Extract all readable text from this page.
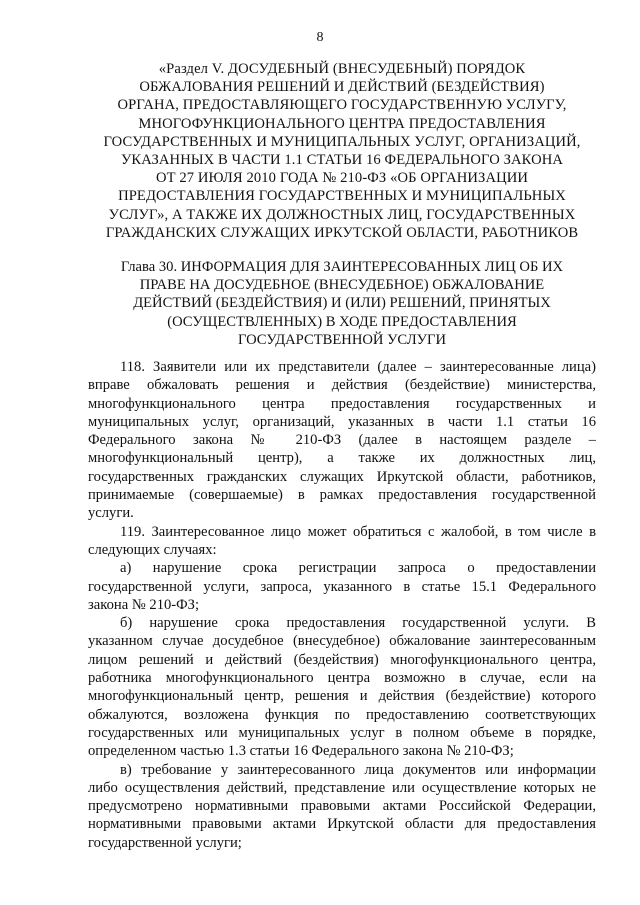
8
«Раздел V. ДОСУДЕБНЫЙ (ВНЕСУДЕБНЫЙ) ПОРЯДОК
ОБЖАЛОВАНИЯ РЕШЕНИЙ И ДЕЙСТВИЙ (БЕЗДЕЙСТВИЯ)
ОРГАНА, ПРЕДОСТАВЛЯЮЩЕГО ГОСУДАРСТВЕННУЮ УСЛУГУ,
МНОГОФУНКЦИОНАЛЬНОГО ЦЕНТРА ПРЕДОСТАВЛЕНИЯ
ГОСУДАРСТВЕННЫХ И МУНИЦИПАЛЬНЫХ УСЛУГ, ОРГАНИЗАЦИЙ,
УКАЗАННЫХ В ЧАСТИ 1.1 СТАТЬИ 16 ФЕДЕРАЛЬНОГО ЗАКОНА
ОТ 27 ИЮЛЯ 2010 ГОДА № 210-ФЗ «ОБ ОРГАНИЗАЦИИ
ПРЕДОСТАВЛЕНИЯ ГОСУДАРСТВЕННЫХ И МУНИЦИПАЛЬНЫХ
УСЛУГ», А ТАКЖЕ ИХ ДОЛЖНОСТНЫХ ЛИЦ, ГОСУДАРСТВЕННЫХ
ГРАЖДАНСКИХ СЛУЖАЩИХ ИРКУТСКОЙ ОБЛАСТИ, РАБОТНИКОВ
Глава 30. ИНФОРМАЦИЯ ДЛЯ ЗАИНТЕРЕСОВАННЫХ ЛИЦ ОБ ИХ
ПРАВЕ НА ДОСУДЕБНОЕ (ВНЕСУДЕБНОЕ) ОБЖАЛОВАНИЕ
ДЕЙСТВИЙ (БЕЗДЕЙСТВИЯ) И (ИЛИ) РЕШЕНИЙ, ПРИНЯТЫХ
(ОСУЩЕСТВЛЕННЫХ) В ХОДЕ ПРЕДОСТАВЛЕНИЯ
ГОСУДАРСТВЕННОЙ УСЛУГИ
118. Заявители или их представители (далее – заинтересованные лица)
вправе обжаловать решения и действия (бездействие) министерства,
многофункционального центра предоставления государственных и
муниципальных услуг, организаций, указанных в части 1.1 статьи 16
Федерального закона № 210-ФЗ (далее в настоящем разделе –
многофункциональный центр), а также их должностных лиц,
государственных гражданских служащих Иркутской области, работников,
принимаемые (совершаемые) в рамках предоставления государственной
услуги.
119. Заинтересованное лицо может обратиться с жалобой, в том числе в
следующих случаях:
а) нарушение срока регистрации запроса о предоставлении
государственной услуги, запроса, указанного в статье 15.1 Федерального
закона № 210-ФЗ;
б) нарушение срока предоставления государственной услуги. В
указанном случае досудебное (внесудебное) обжалование заинтересованным
лицом решений и действий (бездействия) многофункционального центра,
работника многофункционального центра возможно в случае, если на
многофункциональный центр, решения и действия (бездействие) которого
обжалуются, возложена функция по предоставлению соответствующих
государственных или муниципальных услуг в полном объеме в порядке,
определенном частью 1.3 статьи 16 Федерального закона № 210-ФЗ;
в) требование у заинтересованного лица документов или информации
либо осуществления действий, представление или осуществление которых не
предусмотрено нормативными правовыми актами Российской Федерации,
нормативными правовыми актами Иркутской области для предоставления
государственной услуги;
